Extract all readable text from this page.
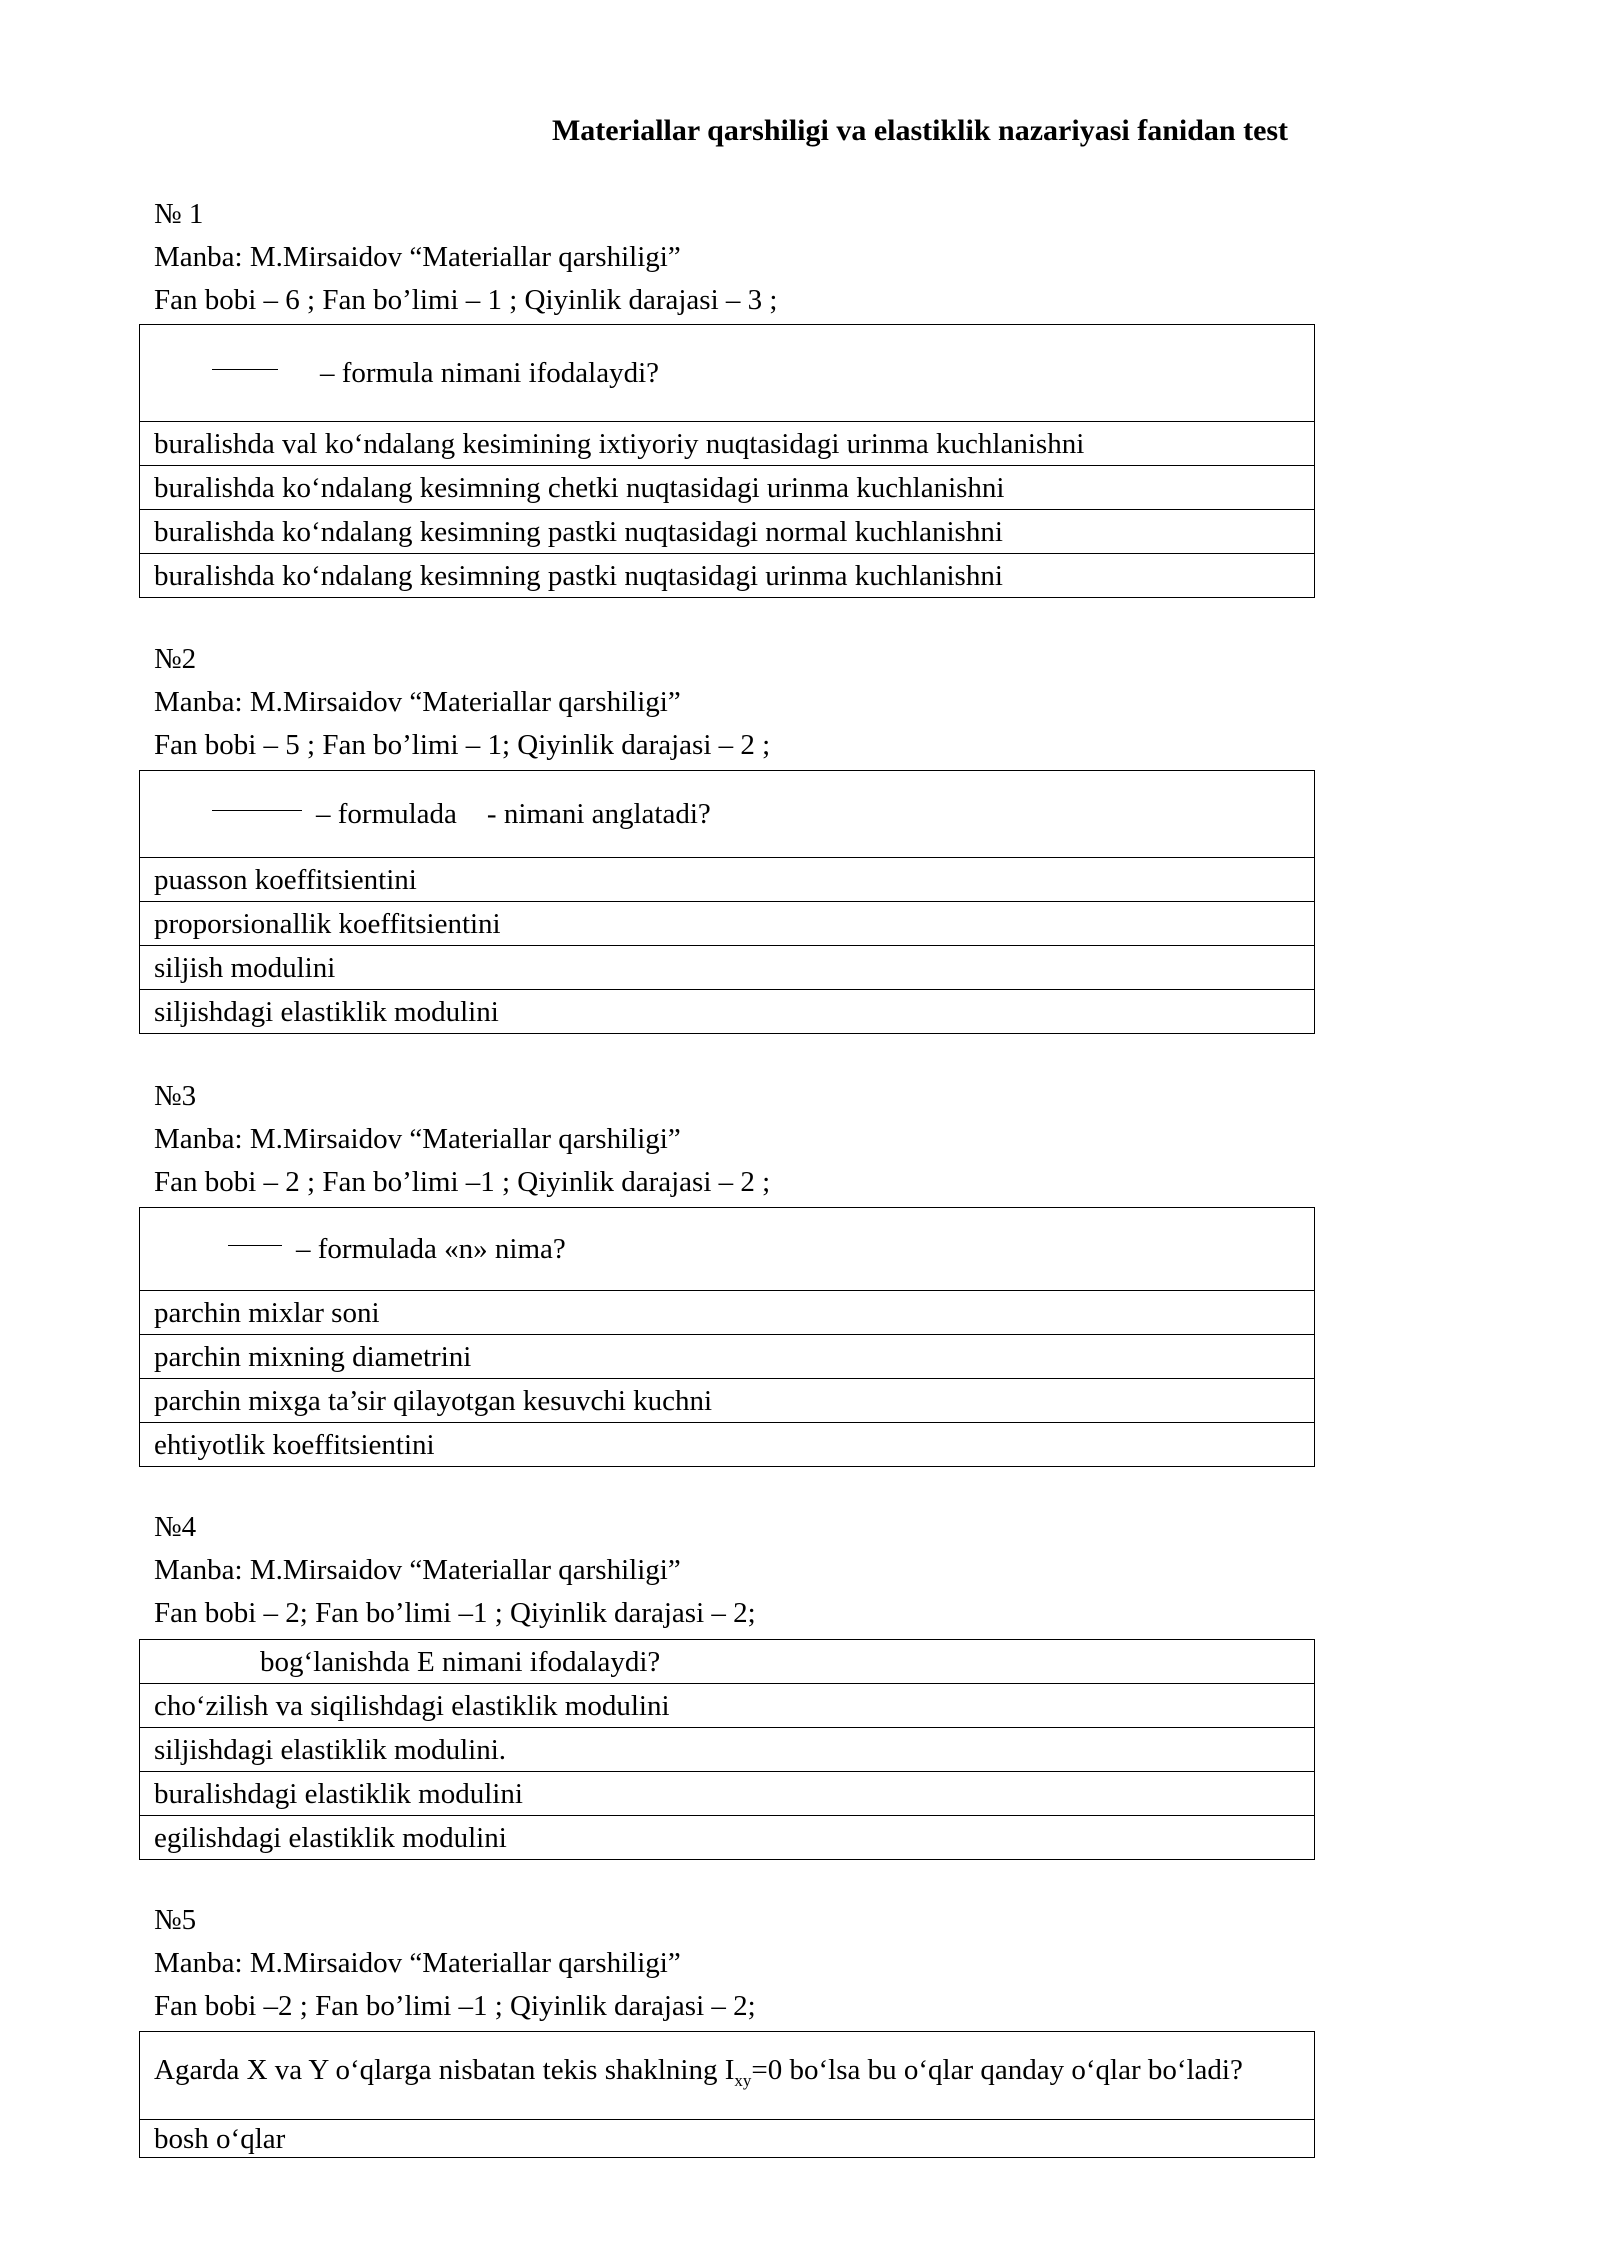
Materiallar qarshiligi va elastiklik nazariyasi fanidan test
№ 1
Manba: M.Mirsaidov “Materiallar qarshiligi”
Fan bobi – 6 ; Fan bo’limi – 1 ; Qiyinlik darajasi – 3 ;
– formula nimani ifodalaydi?
buralishda val ko‘ndalang kesimining ixtiyoriy nuqtasidagi urinma kuchlanishni
buralishda ko‘ndalang kesimning chetki nuqtasidagi urinma kuchlanishni
buralishda ko‘ndalang kesimning pastki nuqtasidagi normal kuchlanishni
buralishda ko‘ndalang kesimning pastki nuqtasidagi urinma kuchlanishni
№2
Manba: M.Mirsaidov “Materiallar qarshiligi”
Fan bobi – 5 ; Fan bo’limi – 1; Qiyinlik darajasi – 2 ;
– formulada - nimani anglatadi?
puasson koeffitsientini
proporsionallik koeffitsientini
siljish modulini
siljishdagi elastiklik modulini
№3
Manba: M.Mirsaidov “Materiallar qarshiligi”
Fan bobi – 2 ; Fan bo’limi –1 ; Qiyinlik darajasi – 2 ;
– formulada «n» nima?
parchin mixlar soni
parchin mixning diametrini
parchin mixga ta’sir qilayotgan kesuvchi kuchni
ehtiyotlik koeffitsientini
№4
Manba: M.Mirsaidov “Materiallar qarshiligi”
Fan bobi – 2; Fan bo’limi –1 ; Qiyinlik darajasi – 2;
bog‘lanishda E nimani ifodalaydi?
cho‘zilish va siqilishdagi elastiklik modulini
siljishdagi elastiklik modulini.
buralishdagi elastiklik modulini
egilishdagi elastiklik modulini
№5
Manba: M.Mirsaidov “Materiallar qarshiligi”
Fan bobi –2 ; Fan bo’limi –1 ; Qiyinlik darajasi – 2;
Agarda X va Y o‘qlarga nisbatan tekis shaklning $I_{xy}=0$ bo‘lsa bu o‘qlar qanday o‘qlar bo‘ladi?
bosh o‘qlar
